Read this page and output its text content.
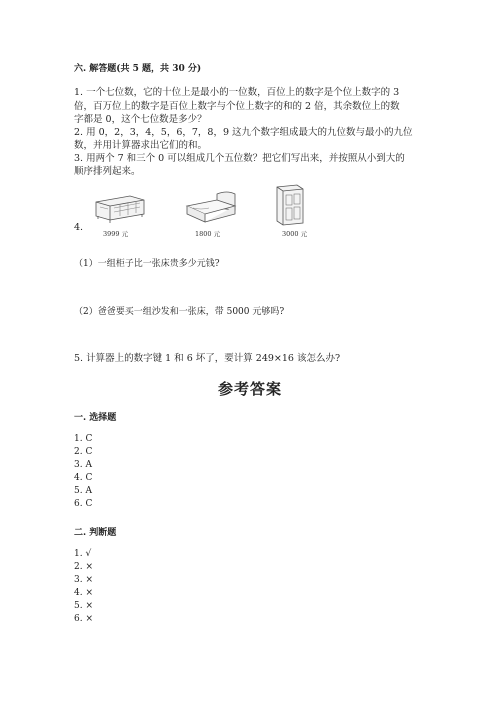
六. 解答题(共 5 题，共 30 分)
1. 一个七位数，它的十位上是最小的一位数，百位上的数字是个位上数字的 3
倍，百万位上的数字是百位上数字与个位上数字的和的 2 倍，其余数位上的数
字都是 0，这个七位数是多少？
2. 用 0，2，3，4，5，6，7，8，9 这九个数字组成最大的九位数与最小的九位
数，并用计算器求出它们的和。
3. 用两个 7 和三个 0 可以组成几个五位数？把它们写出来，并按照从小到大的
顺序排列起来。
4.
3999 元	1800 元	3000 元
（1）一组柜子比一张床贵多少元钱?
（2）爸爸要买一组沙发和一张床，带 5000 元够吗?
5. 计算器上的数字键 1 和 6 坏了，要计算 249×16 该怎么办?
参考答案
一. 选择题
1. C
2. C
3. A
4. C
5. A
6. C
二. 判断题
1. √
2. ×
3. ×
4. ×
5. ×
6. ×
